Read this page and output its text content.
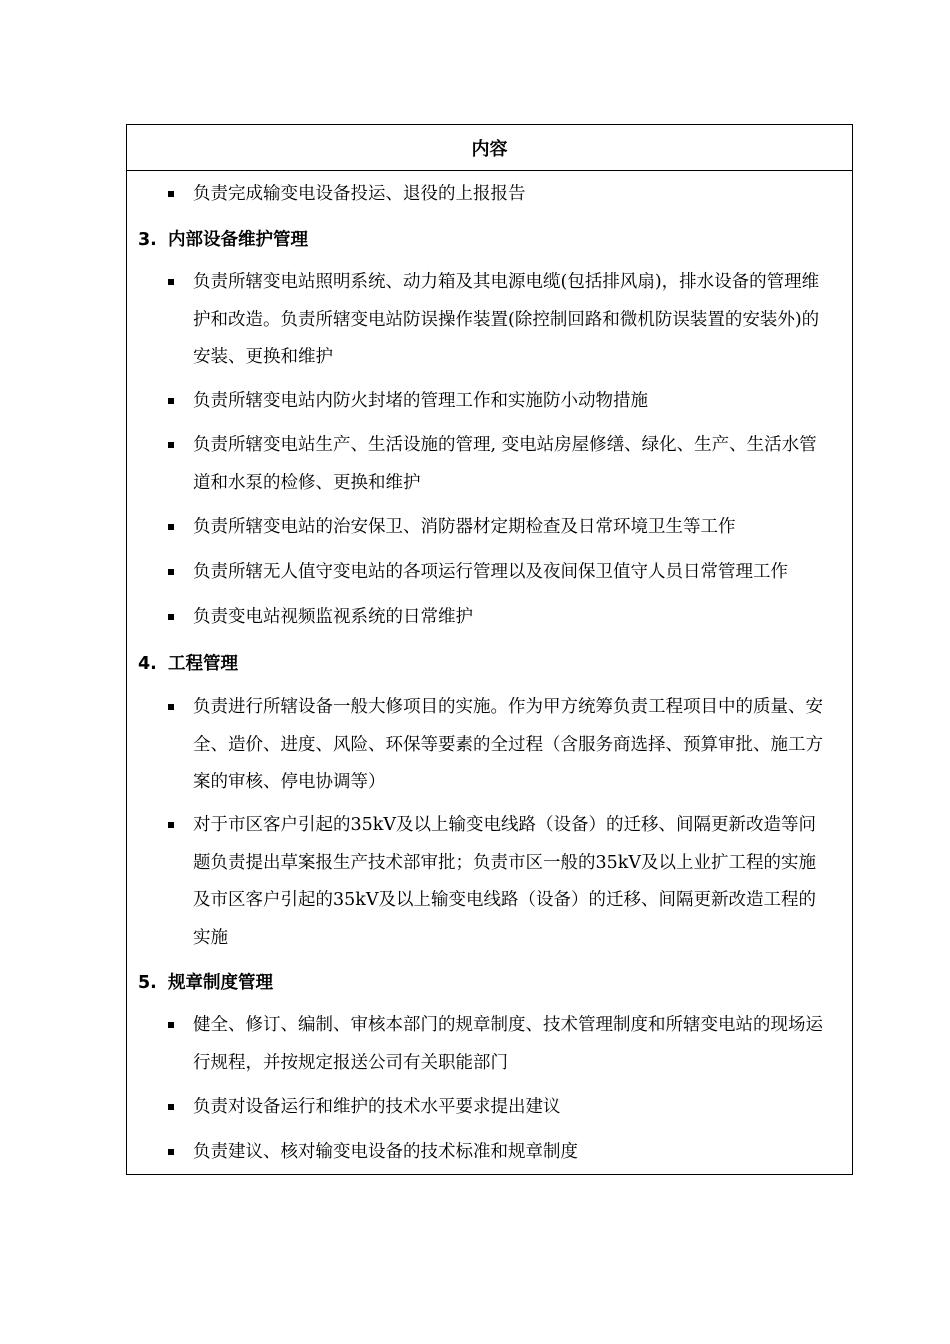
内容
负责完成输变电设备投运、退役的上报报告
3. 内部设备维护管理
负责所辖变电站照明系统、动力箱及其电源电缆(包括排风扇)，排水设备的管理维护和改造。负责所辖变电站防误操作装置(除控制回路和微机防误装置的安装外)的安装、更换和维护
负责所辖变电站内防火封堵的管理工作和实施防小动物措施
负责所辖变电站生产、生活设施的管理, 变电站房屋修缮、绿化、生产、生活水管道和水泵的检修、更换和维护
负责所辖变电站的治安保卫、消防器材定期检查及日常环境卫生等工作
负责所辖无人值守变电站的各项运行管理以及夜间保卫值守人员日常管理工作
负责变电站视频监视系统的日常维护
4. 工程管理
负责进行所辖设备一般大修项目的实施。作为甲方统筹负责工程项目中的质量、安全、造价、进度、风险、环保等要素的全过程（含服务商选择、预算审批、施工方案的审核、停电协调等）
对于市区客户引起的35kV及以上输变电线路（设备）的迁移、间隔更新改造等问题负责提出草案报生产技术部审批；负责市区一般的35kV及以上业扩工程的实施及市区客户引起的35kV及以上输变电线路（设备）的迁移、间隔更新改造工程的实施
5. 规章制度管理
健全、修订、编制、审核本部门的规章制度、技术管理制度和所辖变电站的现场运行规程，并按规定报送公司有关职能部门
负责对设备运行和维护的技术水平要求提出建议
负责建议、核对输变电设备的技术标准和规章制度
